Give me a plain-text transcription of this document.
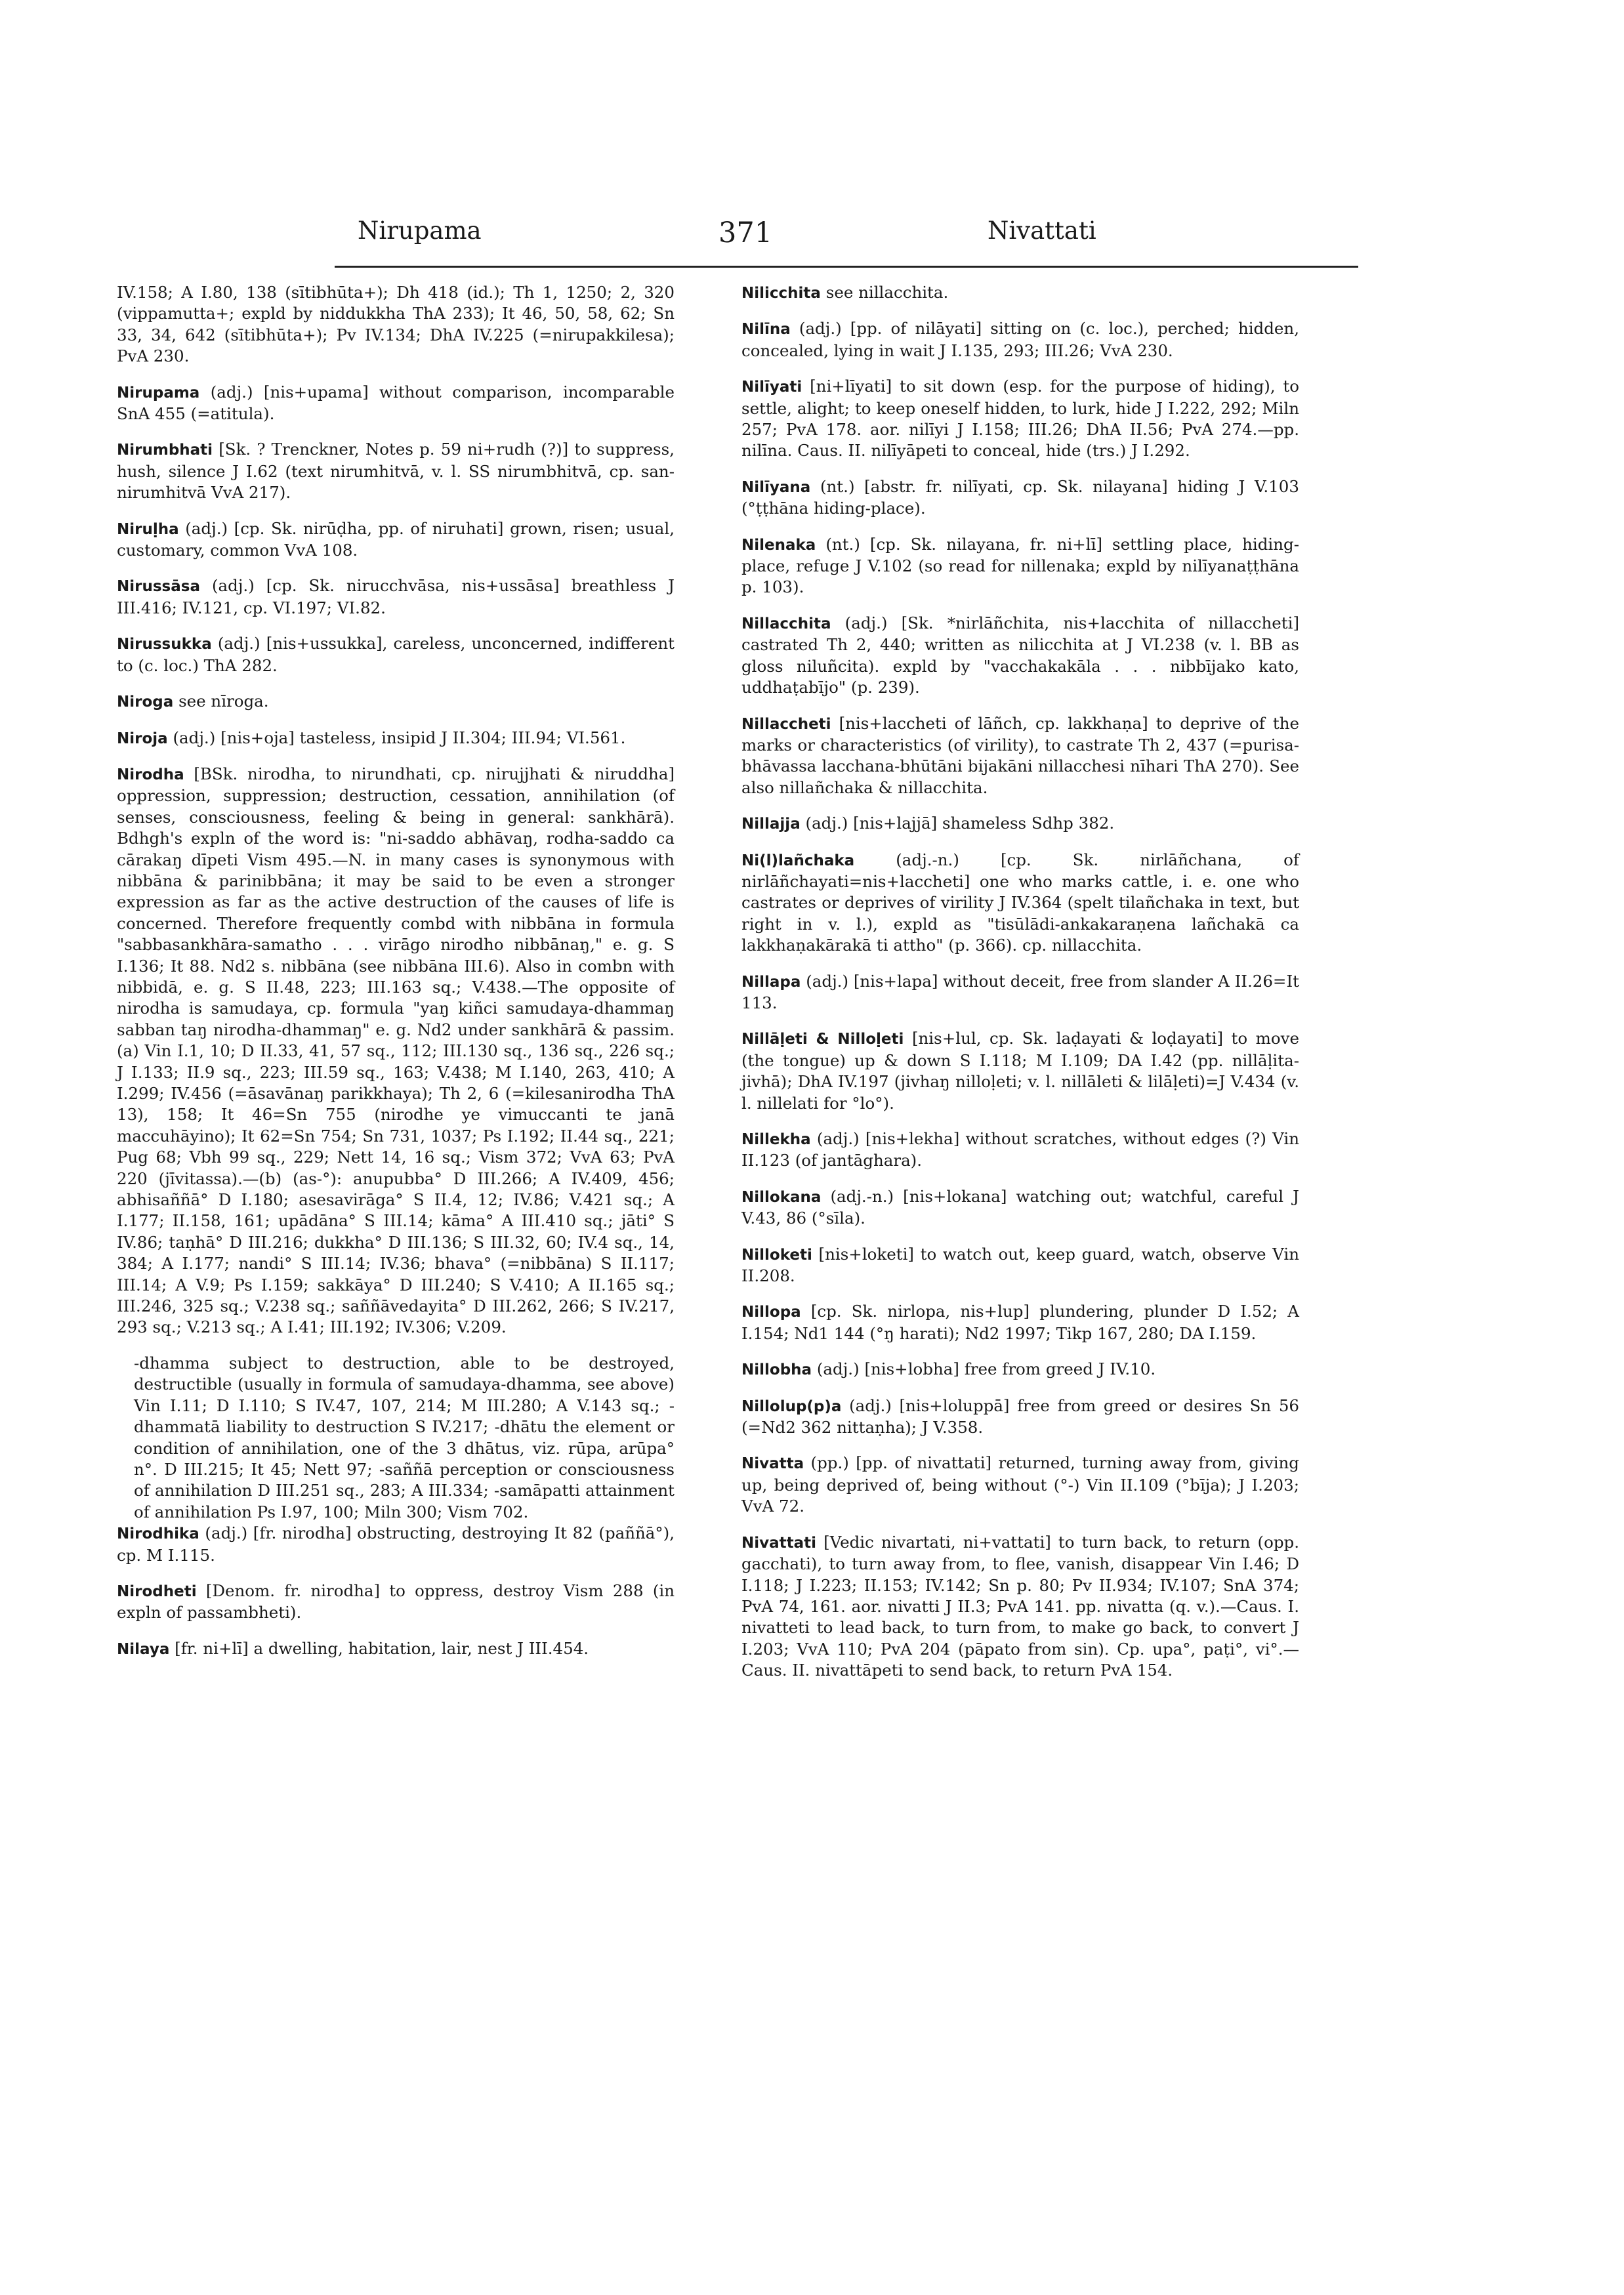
Nirupama	371	Nivattati
IV.158; A I.80, 138 (sītibhūta+); Dh 418 (id.); Th 1, 1250; 2, 320 (vippamutta+; expld by niddukkha ThA 233); It 46, 50, 58, 62; Sn 33, 34, 642 (sītibhūta+); Pv IV.134; DhA IV.225 (=nirupakkilesa); PvA 230.
Nirupama (adj.) [nis+upama] without comparison, incomparable SnA 455 (=atitula).
Nirumbhati [Sk. ? Trenckner, Notes p. 59 ni+rudh (?)] to suppress, hush, silence J I.62 (text nirumhitvā, v. l. SS nirumbhitvā, cp. san-nirumhitvā VvA 217).
Niruḷha (adj.) [cp. Sk. nirūḍha, pp. of niruhati] grown, risen; usual, customary, common VvA 108.
Nirussāsa (adj.) [cp. Sk. nirucchvāsa, nis+ussāsa] breathless J III.416; IV.121, cp. VI.197; VI.82.
Nirussukka (adj.) [nis+ussukka], careless, unconcerned, indifferent to (c. loc.) ThA 282.
Niroga see nīroga.
Niroja (adj.) [nis+oja] tasteless, insipid J II.304; III.94; VI.561.
Nirodha [BSk. nirodha, to nirundhati, cp. nirujjhati & niruddha] oppression, suppression; destruction, cessation, annihilation (of senses, consciousness, feeling & being in general: sankhārā). Bdhgh's expln of the word is: "ni-saddo abhāvaŋ, rodha-saddo ca cārakaŋ dīpeti Vism 495.—N. in many cases is synonymous with nibbāna & parinibbāna; it may be said to be even a stronger expression as far as the active destruction of the causes of life is concerned. Therefore frequently combd with nibbāna in formula "sabbasankhāra-samatho . . . virāgo nirodho nibbānaŋ," e. g. S I.136; It 88. Nd2 s. nibbāna (see nibbāna III.6). Also in combn with nibbidā, e. g. S II.48, 223; III.163 sq.; V.438.—The opposite of nirodha is samudaya, cp. formula "yaŋ kiñci samudaya-dhammaŋ sabban taŋ nirodha-dhammaŋ" e. g. Nd2 under sankhārā & passim. (a) Vin I.1, 10; D II.33, 41, 57 sq., 112; III.130 sq., 136 sq., 226 sq.; J I.133; II.9 sq., 223; III.59 sq., 163; V.438; M I.140, 263, 410; A I.299; IV.456 (=āsavānaŋ parikkhaya); Th 2, 6 (=kilesanirodha ThA 13), 158; It 46=Sn 755 (nirodhe ye vimuccanti te janā maccuhāyino); It 62=Sn 754; Sn 731, 1037; Ps I.192; II.44 sq., 221; Pug 68; Vbh 99 sq., 229; Nett 14, 16 sq.; Vism 372; VvA 63; PvA 220 (jīvitassa).—(b) (as-°): anupubba° D III.266; A IV.409, 456; abhisaññā° D I.180; asesavirāga° S II.4, 12; IV.86; V.421 sq.; A I.177; II.158, 161; upādāna° S III.14; kāma° A III.410 sq.; jāti° S IV.86; taṇhā° D III.216; dukkha° D III.136; S III.32, 60; IV.4 sq., 14, 384; A I.177; nandi° S III.14; IV.36; bhava° (=nibbāna) S II.117; III.14; A V.9; Ps I.159; sakkāya° D III.240; S V.410; A II.165 sq.; III.246, 325 sq.; V.238 sq.; saññāvedayita° D III.262, 266; S IV.217, 293 sq.; V.213 sq.; A I.41; III.192; IV.306; V.209.
-dhamma subject to destruction, able to be destroyed, destructible (usually in formula of samudaya-dhamma, see above) Vin I.11; D I.110; S IV.47, 107, 214; M III.280; A V.143 sq.; -dhammatā liability to destruction S IV.217; -dhātu the element or condition of annihilation, one of the 3 dhātus, viz. rūpa, arūpa° n°. D III.215; It 45; Nett 97; -saññā perception or consciousness of annihilation D III.251 sq., 283; A III.334; -samāpatti attainment of annihilation Ps I.97, 100; Miln 300; Vism 702.
Nirodhika (adj.) [fr. nirodha] obstructing, destroying It 82 (paññā°), cp. M I.115.
Nirodheti [Denom. fr. nirodha] to oppress, destroy Vism 288 (in expln of passambheti).
Nilaya [fr. ni+lī] a dwelling, habitation, lair, nest J III.454.
Nilicchita see nillacchita.
Nilīna (adj.) [pp. of nilāyati] sitting on (c. loc.), perched; hidden, concealed, lying in wait J I.135, 293; III.26; VvA 230.
Nilīyati [ni+līyati] to sit down (esp. for the purpose of hiding), to settle, alight; to keep oneself hidden, to lurk, hide J I.222, 292; Miln 257; PvA 178. aor. nilīyi J I.158; III.26; DhA II.56; PvA 274.—pp. nilīna. Caus. II. nilīyāpeti to conceal, hide (trs.) J I.292.
Nilīyana (nt.) [abstr. fr. nilīyati, cp. Sk. nilayana] hiding J V.103 (°ṭṭhāna hiding-place).
Nilenaka (nt.) [cp. Sk. nilayana, fr. ni+lī] settling place, hiding-place, refuge J V.102 (so read for nillenaka; expld by nilīyanaṭṭhāna p. 103).
Nillacchita (adj.) [Sk. *nirlāñchita, nis+lacchita of nillaccheti] castrated Th 2, 440; written as nilicchita at J VI.238 (v. l. BB as gloss niluñcita). expld by "vacchakakāla . . . nibbījako kato, uddhaṭabījo" (p. 239).
Nillaccheti [nis+laccheti of lāñch, cp. lakkhaṇa] to deprive of the marks or characteristics (of virility), to castrate Th 2, 437 (=purisa-bhāvassa lacchana-bhūtāni bijakāni nillacchesi nīhari ThA 270). See also nillañchaka & nillacchita.
Nillajja (adj.) [nis+lajjā] shameless Sdhp 382.
Ni(l)lañchaka	(adj.-n.) [cp. Sk. nirlāñchana, of nirlāñchayati=nis+laccheti] one who marks cattle, i. e. one who castrates or deprives of virility J IV.364 (spelt tilañchaka in text, but right in v. l.), expld as "tisūlādi-ankakaraṇena lañchakā ca lakkhaṇakārakā ti attho" (p. 366). cp. nillacchita.
Nillapa (adj.) [nis+lapa] without deceit, free from slander A II.26=It 113.
Nillāḷeti & Nilloḷeti [nis+lul, cp. Sk. laḍayati & loḍayati] to move (the tongue) up & down S I.118; M I.109; DA I.42 (pp. nillāḷita-jivhā); DhA IV.197 (jivhaŋ nilloḷeti; v. l. nillāleti & lilāḷeti)=J V.434 (v. l. nillelati for °lo°).
Nillekha (adj.) [nis+lekha] without scratches, without edges (?) Vin II.123 (of jantāghara).
Nillokana (adj.-n.) [nis+lokana] watching out; watchful, careful J V.43, 86 (°sīla).
Nilloketi [nis+loketi] to watch out, keep guard, watch, observe Vin II.208.
Nillopa [cp. Sk. nirlopa, nis+lup] plundering, plunder D I.52; A I.154; Nd1 144 (°ŋ harati); Nd2 1997; Tikp 167, 280; DA I.159.
Nillobha (adj.) [nis+lobha] free from greed J IV.10.
Nillolup(p)a (adj.) [nis+loluppā] free from greed or desires Sn 56 (=Nd2 362 nittaṇha); J V.358.
Nivatta (pp.) [pp. of nivattati] returned, turning away from, giving up, being deprived of, being without (°-) Vin II.109 (°bīja); J I.203; VvA 72.
Nivattati [Vedic nivartati, ni+vattati] to turn back, to return (opp. gacchati), to turn away from, to flee, vanish, disappear Vin I.46; D I.118; J I.223; II.153; IV.142; Sn p. 80; Pv II.934; IV.107; SnA 374; PvA 74, 161. aor. nivatti J II.3; PvA 141. pp. nivatta (q. v.).—Caus. I. nivatteti to lead back, to turn from, to make go back, to convert J I.203; VvA 110; PvA 204 (pāpato from sin). Cp. upa°, paṭi°, vi°.—Caus. II. nivattāpeti to send back, to return PvA 154.
